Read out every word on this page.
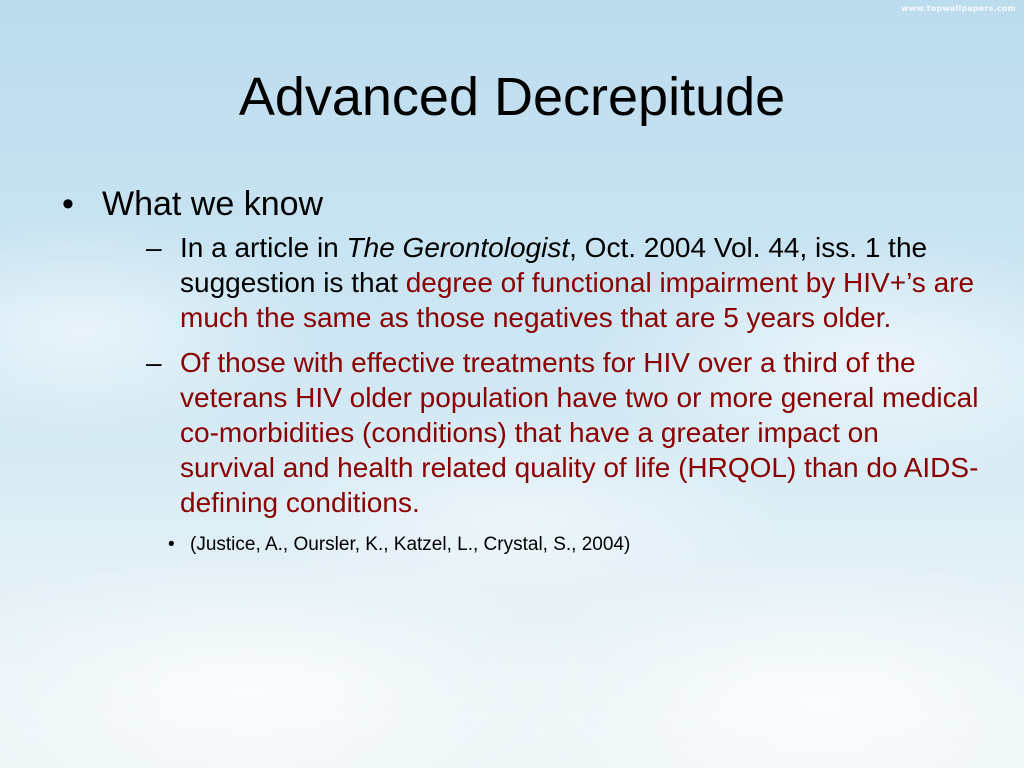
www.topwallpapers.com
Advanced Decrepitude
• What we know
– In a article in The Gerontologist, Oct. 2004 Vol. 44, iss. 1 the suggestion is that degree of functional impairment by HIV+’s are much the same as those negatives that are 5 years older.
– Of those with effective treatments for HIV over a third of the veterans HIV older population have two or more general medical co-morbidities (conditions) that have a greater impact on survival and health related quality of life (HRQOL) than do AIDS-defining conditions.
• (Justice, A., Oursler, K., Katzel, L., Crystal, S., 2004)
